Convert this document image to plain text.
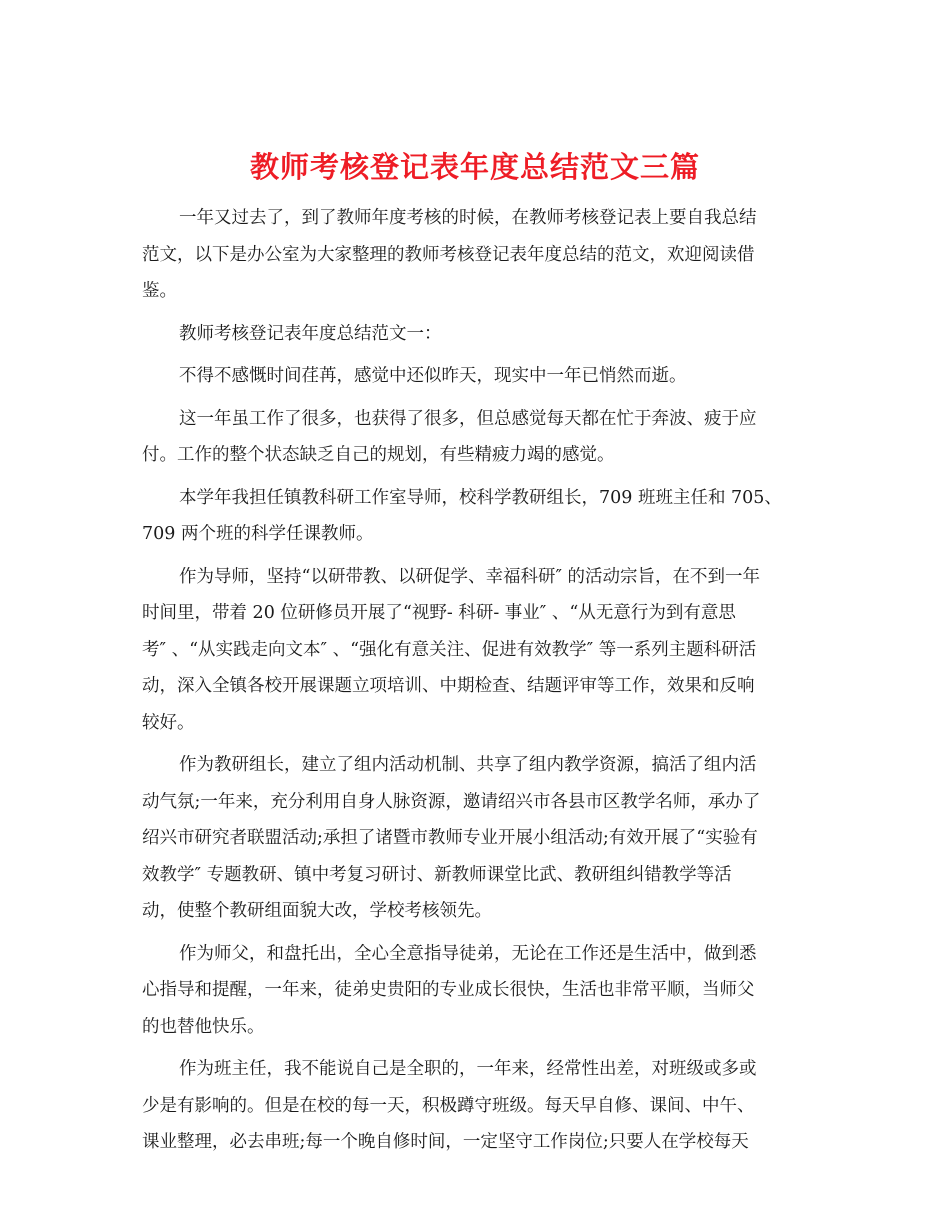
教师考核登记表年度总结范文三篇
一年又过去了，到了教师年度考核的时候，在教师考核登记表上要自我总结
范文，以下是办公室为大家整理的教师考核登记表年度总结的范文，欢迎阅读借
鉴。
教师考核登记表年度总结范文一：
不得不感慨时间荏苒，感觉中还似昨天，现实中一年已悄然而逝。
这一年虽工作了很多，也获得了很多，但总感觉每天都在忙于奔波、疲于应
付。工作的整个状态缺乏自己的规划，有些精疲力竭的感觉。
本学年我担任镇教科研工作室导师，校科学教研组长，709 班班主任和 705、
709 两个班的科学任课教师。
作为导师，坚持“以研带教、以研促学、幸福科研″ 的活动宗旨，在不到一年
时间里，带着 20 位研修员开展了“视野- 科研- 事业″ 、“从无意行为到有意思
考″ 、“从实践走向文本″ 、“强化有意关注、促进有效教学″ 等一系列主题科研活
动，深入全镇各校开展课题立项培训、中期检查、结题评审等工作，效果和反响
较好。
作为教研组长，建立了组内活动机制、共享了组内教学资源，搞活了组内活
动气氛;一年来，充分利用自身人脉资源，邀请绍兴市各县市区教学名师，承办了
绍兴市研究者联盟活动;承担了诸暨市教师专业开展小组活动;有效开展了“实验有
效教学″ 专题教研、镇中考复习研讨、新教师课堂比武、教研组纠错教学等活
动，使整个教研组面貌大改，学校考核领先。
作为师父，和盘托出，全心全意指导徒弟，无论在工作还是生活中，做到悉
心指导和提醒，一年来，徒弟史贵阳的专业成长很快，生活也非常平顺，当师父
的也替他快乐。
作为班主任，我不能说自己是全职的，一年来，经常性出差，对班级或多或
少是有影响的。但是在校的每一天，积极蹲守班级。每天早自修、课间、中午、
课业整理，必去串班;每一个晚自修时间，一定坚守工作岗位;只要人在学校每天
